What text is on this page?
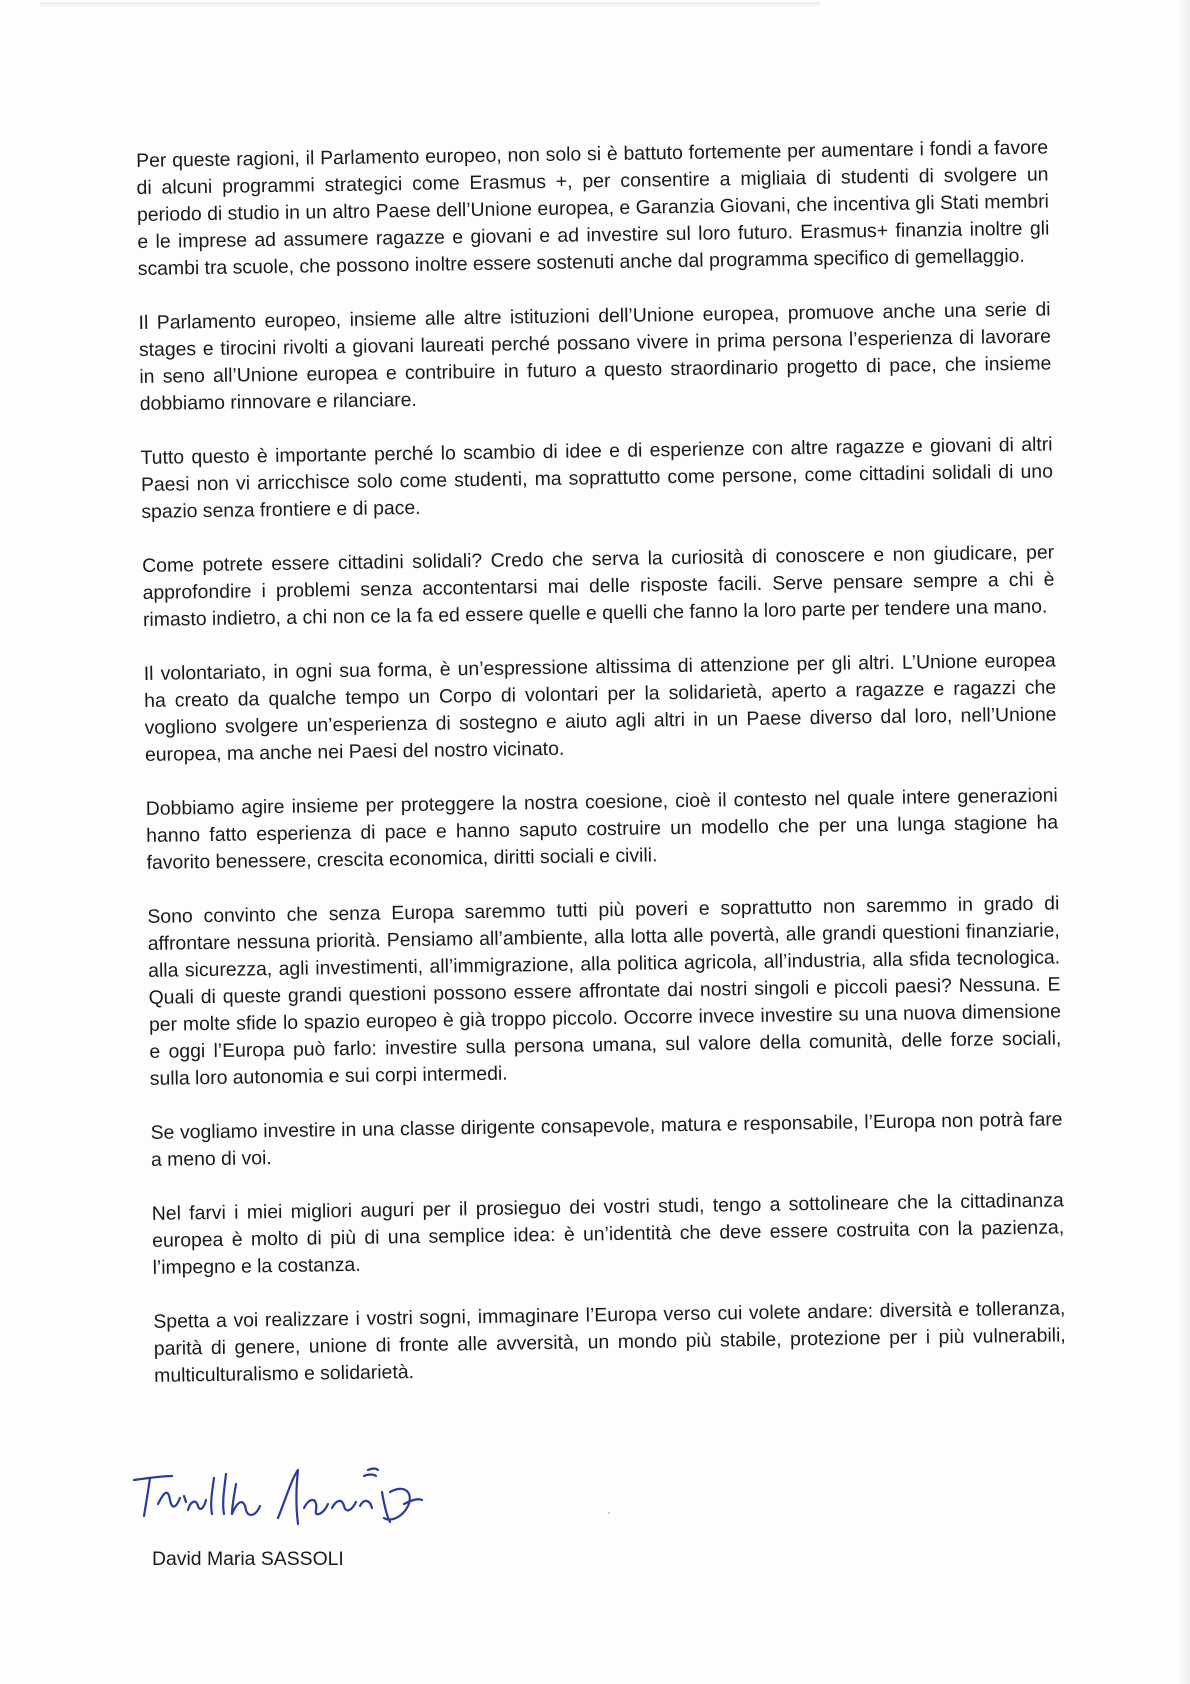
Per queste ragioni, il Parlamento europeo, non solo si è battuto fortemente per aumentare i fondi a favore di alcuni programmi strategici come Erasmus +, per consentire a migliaia di studenti di svolgere un periodo di studio in un altro Paese dell’Unione europea, e Garanzia Giovani, che incentiva gli Stati membri e le imprese ad assumere ragazze e giovani e ad investire sul loro futuro. Erasmus+ finanzia inoltre gli scambi tra scuole, che possono inoltre essere sostenuti anche dal programma specifico di gemellaggio.

Il Parlamento europeo, insieme alle altre istituzioni dell’Unione europea, promuove anche una serie di stages e tirocini rivolti a giovani laureati perché possano vivere in prima persona l’esperienza di lavorare in seno all’Unione europea e contribuire in futuro a questo straordinario progetto di pace, che insieme dobbiamo rinnovare e rilanciare.

Tutto questo è importante perché lo scambio di idee e di esperienze con altre ragazze e giovani di altri Paesi non vi arricchisce solo come studenti, ma soprattutto come persone, come cittadini solidali di uno spazio senza frontiere e di pace.

Come potrete essere cittadini solidali? Credo che serva la curiosità di conoscere e non giudicare, per approfondire i problemi senza accontentarsi mai delle risposte facili. Serve pensare sempre a chi è rimasto indietro, a chi non ce la fa ed essere quelle e quelli che fanno la loro parte per tendere una mano.

Il volontariato, in ogni sua forma, è un’espressione altissima di attenzione per gli altri. L’Unione europea ha creato da qualche tempo un Corpo di volontari per la solidarietà, aperto a ragazze e ragazzi che vogliono svolgere un’esperienza di sostegno e aiuto agli altri in un Paese diverso dal loro, nell’Unione europea, ma anche nei Paesi del nostro vicinato.

Dobbiamo agire insieme per proteggere la nostra coesione, cioè il contesto nel quale intere generazioni hanno fatto esperienza di pace e hanno saputo costruire un modello che per una lunga stagione ha favorito benessere, crescita economica, diritti sociali e civili.

Sono convinto che senza Europa saremmo tutti più poveri e soprattutto non saremmo in grado di affrontare nessuna priorità. Pensiamo all’ambiente, alla lotta alle povertà, alle grandi questioni finanziarie, alla sicurezza, agli investimenti, all’immigrazione, alla politica agricola, all’industria, alla sfida tecnologica. Quali di queste grandi questioni possono essere affrontate dai nostri singoli e piccoli paesi? Nessuna. E per molte sfide lo spazio europeo è già troppo piccolo. Occorre invece investire su una nuova dimensione e oggi l’Europa può farlo: investire sulla persona umana, sul valore della comunità, delle forze sociali, sulla loro autonomia e sui corpi intermedi.

Se vogliamo investire in una classe dirigente consapevole, matura e responsabile, l’Europa non potrà fare a meno di voi.

Nel farvi i miei migliori auguri per il prosieguo dei vostri studi, tengo a sottolineare che la cittadinanza europea è molto di più di una semplice idea: è un’identità che deve essere costruita con la pazienza, l’impegno e la costanza.

Spetta a voi realizzare i vostri sogni, immaginare l’Europa verso cui volete andare: diversità e tolleranza, parità di genere, unione di fronte alle avversità, un mondo più stabile, protezione per i più vulnerabili, multiculturalismo e solidarietà.

David Maria SASSOLI
